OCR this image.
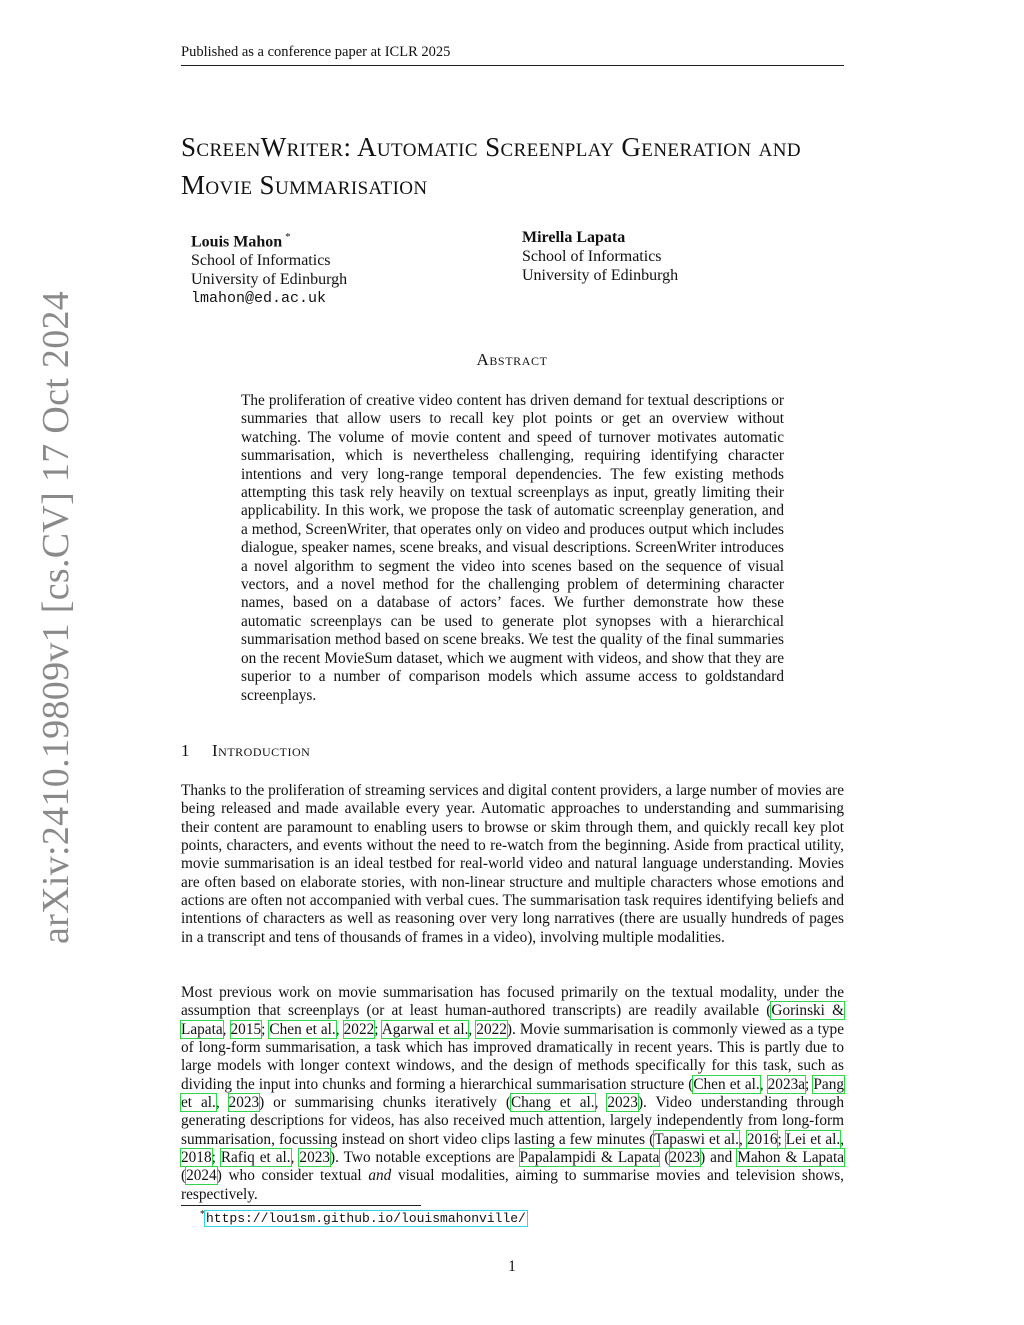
Published as a conference paper at ICLR 2025
ScreenWriter: Automatic Screenplay Generation and Movie Summarisation
Louis Mahon *
School of Informatics
University of Edinburgh
lmahon@ed.ac.uk
Mirella Lapata
School of Informatics
University of Edinburgh
Abstract
The proliferation of creative video content has driven demand for textual descriptions or summaries that allow users to recall key plot points or get an overview without watching. The volume of movie content and speed of turnover motivates automatic summarisation, which is nevertheless challenging, requiring identifying character intentions and very long-range temporal dependencies. The few existing methods attempting this task rely heavily on textual screenplays as input, greatly limiting their applicability. In this work, we propose the task of automatic screenplay generation, and a method, ScreenWriter, that operates only on video and produces output which includes dialogue, speaker names, scene breaks, and visual descriptions. ScreenWriter introduces a novel algorithm to segment the video into scenes based on the sequence of visual vectors, and a novel method for the challenging problem of determining character names, based on a database of actors’ faces. We further demonstrate how these automatic screenplays can be used to generate plot synopses with a hierarchical summarisation method based on scene breaks. We test the quality of the final summaries on the recent MovieSum dataset, which we augment with videos, and show that they are superior to a number of comparison models which assume access to goldstandard screenplays.
1 Introduction
Thanks to the proliferation of streaming services and digital content providers, a large number of movies are being released and made available every year. Automatic approaches to understanding and summarising their content are paramount to enabling users to browse or skim through them, and quickly recall key plot points, characters, and events without the need to re-watch from the beginning. Aside from practical utility, movie summarisation is an ideal testbed for real-world video and natural language understanding. Movies are often based on elaborate stories, with non-linear structure and multiple characters whose emotions and actions are often not accompanied with verbal cues. The summarisation task requires identifying beliefs and intentions of characters as well as reasoning over very long narratives (there are usually hundreds of pages in a transcript and tens of thousands of frames in a video), involving multiple modalities.
Most previous work on movie summarisation has focused primarily on the textual modality, under the assumption that screenplays (or at least human-authored transcripts) are readily available (Gorinski & Lapata, 2015; Chen et al., 2022; Agarwal et al., 2022). Movie summarisation is commonly viewed as a type of long-form summarisation, a task which has improved dramatically in recent years. This is partly due to large models with longer context windows, and the design of methods specifically for this task, such as dividing the input into chunks and forming a hierarchical summarisation structure (Chen et al., 2023a; Pang et al., 2023) or summarising chunks iteratively (Chang et al., 2023). Video understanding through generating descriptions for videos, has also received much attention, largely independently from long-form summarisation, focussing instead on short video clips lasting a few minutes (Tapaswi et al., 2016; Lei et al., 2018; Rafiq et al., 2023). Two notable exceptions are Papalampidi & Lapata (2023) and Mahon & Lapata (2024) who consider textual and visual modalities, aiming to summarise movies and television shows, respectively.
*https://lou1sm.github.io/louismahonville/
1
arXiv:2410.19809v1 [cs.CV] 17 Oct 2024
